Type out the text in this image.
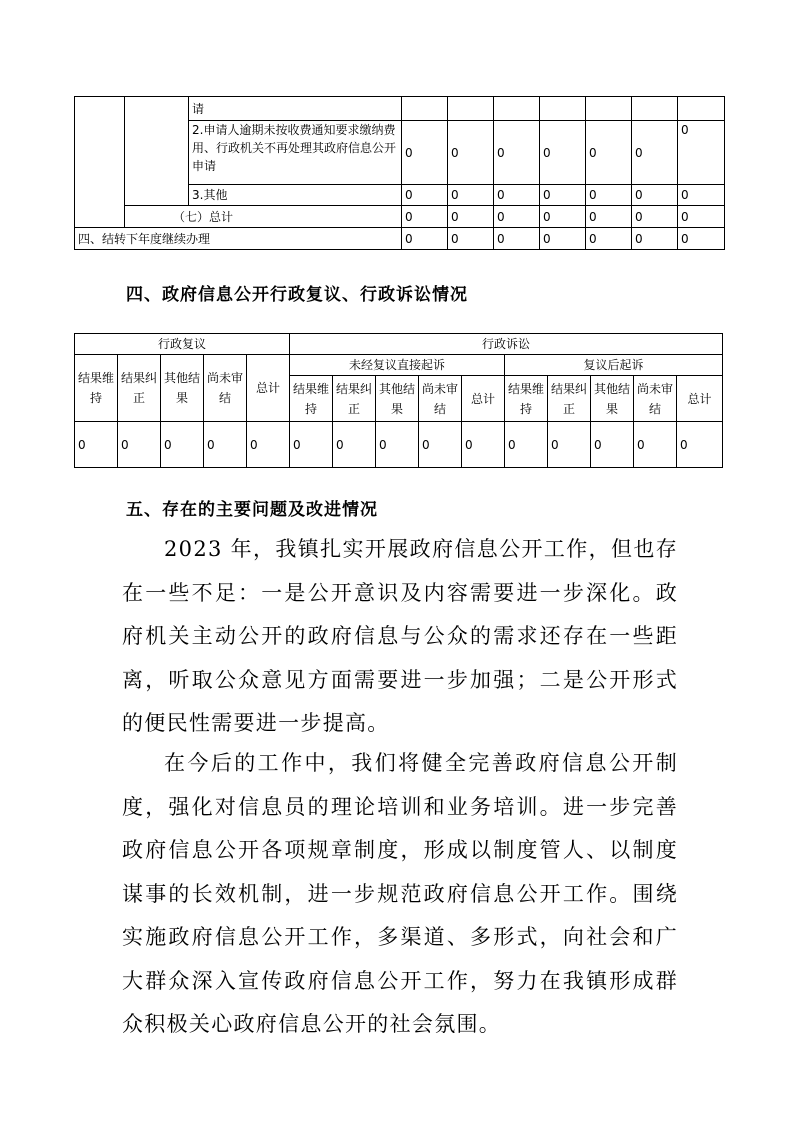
		请							
		2.申请人逾期未按收费通知要求缴纳费用、行政机关不再处理其政府信息公开申请	0	0	0	0	0	0	0
		3.其他	0	0	0	0	0	0	0
	（七）总计		0	0	0	0	0	0	0
四、结转下年度继续办理			0	0	0	0	0	0	0
四、政府信息公开行政复议、行政诉讼情况
行政复议					行政诉讼									
结果维持	结果纠正	其他结果	尚未审结	总计	未经复议直接起诉					复议后起诉				
					结果维持	结果纠正	其他结果	尚未审结	总计	结果维持	结果纠正	其他结果	尚未审结	总计
0	0	0	0	0	0	0	0	0	0	0	0	0	0	0
五、存在的主要问题及改进情况
2023 年，我镇扎实开展政府信息公开工作，但也存在一些不足：一是公开意识及内容需要进一步深化。政府机关主动公开的政府信息与公众的需求还存在一些距离，听取公众意见方面需要进一步加强；二是公开形式的便民性需要进一步提高。
在今后的工作中，我们将健全完善政府信息公开制度，强化对信息员的理论培训和业务培训。进一步完善政府信息公开各项规章制度，形成以制度管人、以制度谋事的长效机制，进一步规范政府信息公开工作。围绕实施政府信息公开工作，多渠道、多形式，向社会和广大群众深入宣传政府信息公开工作，努力在我镇形成群众积极关心政府信息公开的社会氛围。
